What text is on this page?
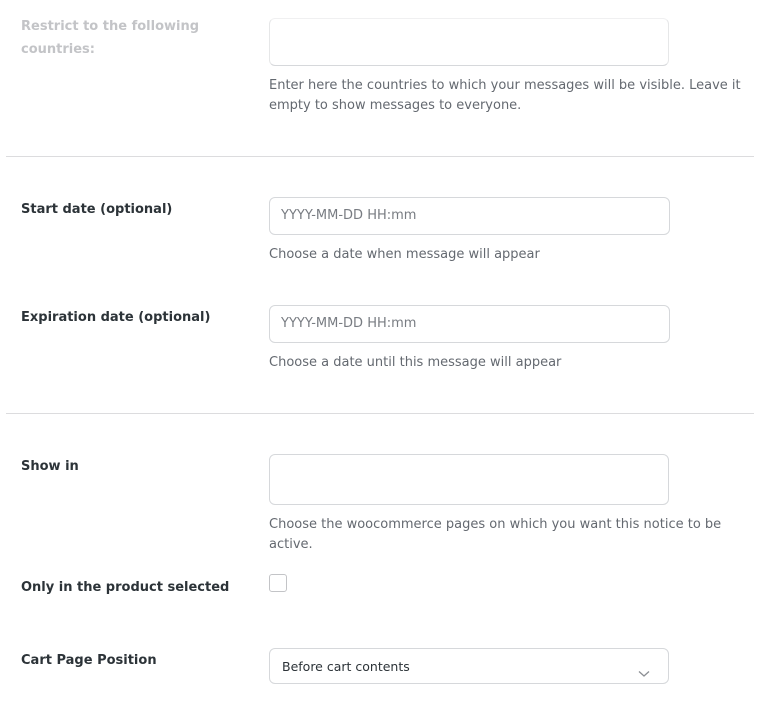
Restrict to the following countries:
Enter here the countries to which your messages will be visible. Leave it empty to show messages to everyone.
Start date (optional)	YYYY-MM-DD HH:mm
Choose a date when message will appear
Expiration date (optional)	YYYY-MM-DD HH:mm
Choose a date until this message will appear
Show in
Choose the woocommerce pages on which you want this notice to be active.
Only in the product selected
Cart Page Position	Before cart contents
